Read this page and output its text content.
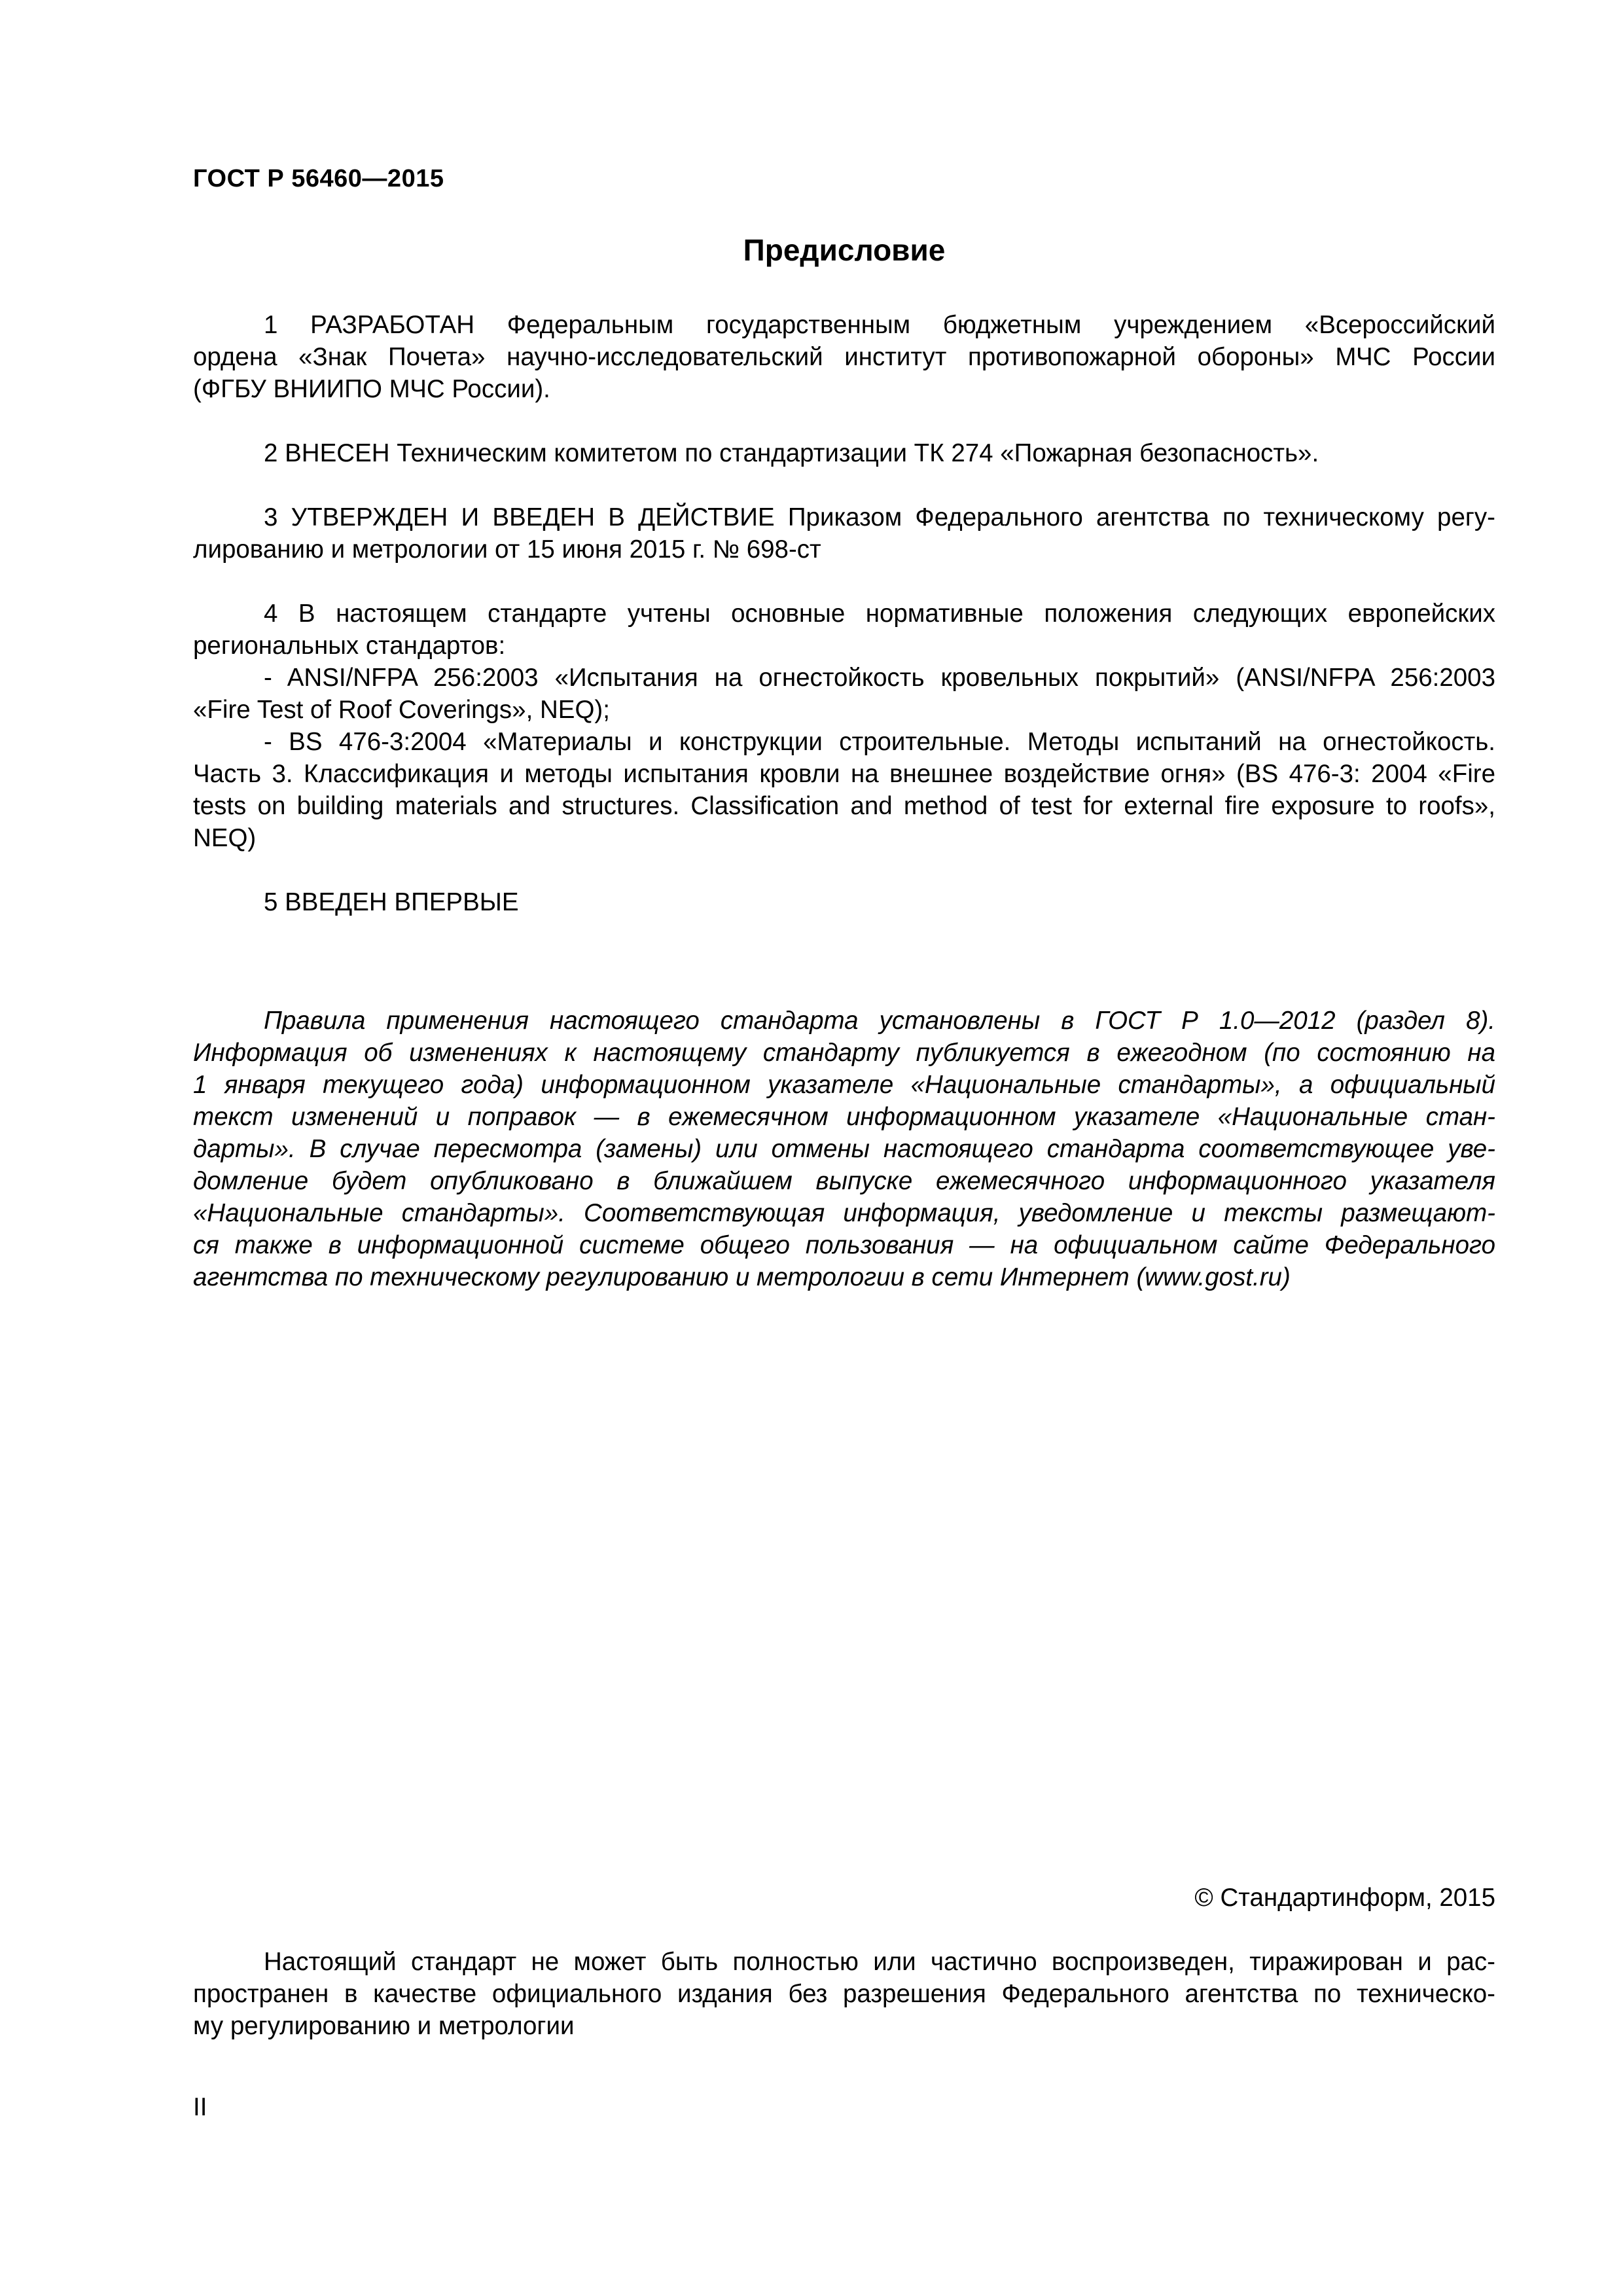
ГОСТ Р 56460—2015
Предисловие

1 РАЗРАБОТАН Федеральным государственным бюджетным учреждением «Всероссийский
ордена «Знак Почета» научно-исследовательский институт противопожарной обороны» МЧС России
(ФГБУ ВНИИПО МЧС России).

2 ВНЕСЕН Техническим комитетом по стандартизации ТК 274 «Пожарная безопасность».

3 УТВЕРЖДЕН И ВВЕДЕН В ДЕЙСТВИЕ Приказом Федерального агентства по техническому регу-
лированию и метрологии от 15 июня 2015 г. № 698-ст

4 В настоящем стандарте учтены основные нормативные положения следующих европейских
региональных стандартов:
- ANSI/NFPA 256:2003 «Испытания на огнестойкость кровельных покрытий» (ANSI/NFPA 256:2003
«Fire Test of Roof Coverings», NEQ);
- BS 476-3:2004 «Материалы и конструкции строительные. Методы испытаний на огнестойкость.
Часть 3. Классификация и методы испытания кровли на внешнее воздействие огня» (BS 476-3: 2004 «Fire
tests on building materials and structures. Classification and method of test for external fire exposure to roofs»,
NEQ)

5 ВВЕДЕН ВПЕРВЫЕ

Правила применения настоящего стандарта установлены в ГОСТ Р 1.0—2012 (раздел 8).
Информация об изменениях к настоящему стандарту публикуется в ежегодном (по состоянию на
1 января текущего года) информационном указателе «Национальные стандарты», а официальный
текст изменений и поправок — в ежемесячном информационном указателе «Национальные стан-
дарты». В случае пересмотра (замены) или отмены настоящего стандарта соответствующее уве-
домление будет опубликовано в ближайшем выпуске ежемесячного информационного указателя
«Национальные стандарты». Соответствующая информация, уведомление и тексты размещают-
ся также в информационной системе общего пользования — на официальном сайте Федерального
агентства по техническому регулированию и метрологии в сети Интернет (www.gost.ru)
© Стандартинформ, 2015
Настоящий стандарт не может быть полностью или частично воспроизведен, тиражирован и рас-
пространен в качестве официального издания без разрешения Федерального агентства по техническо-
му регулированию и метрологии
II
